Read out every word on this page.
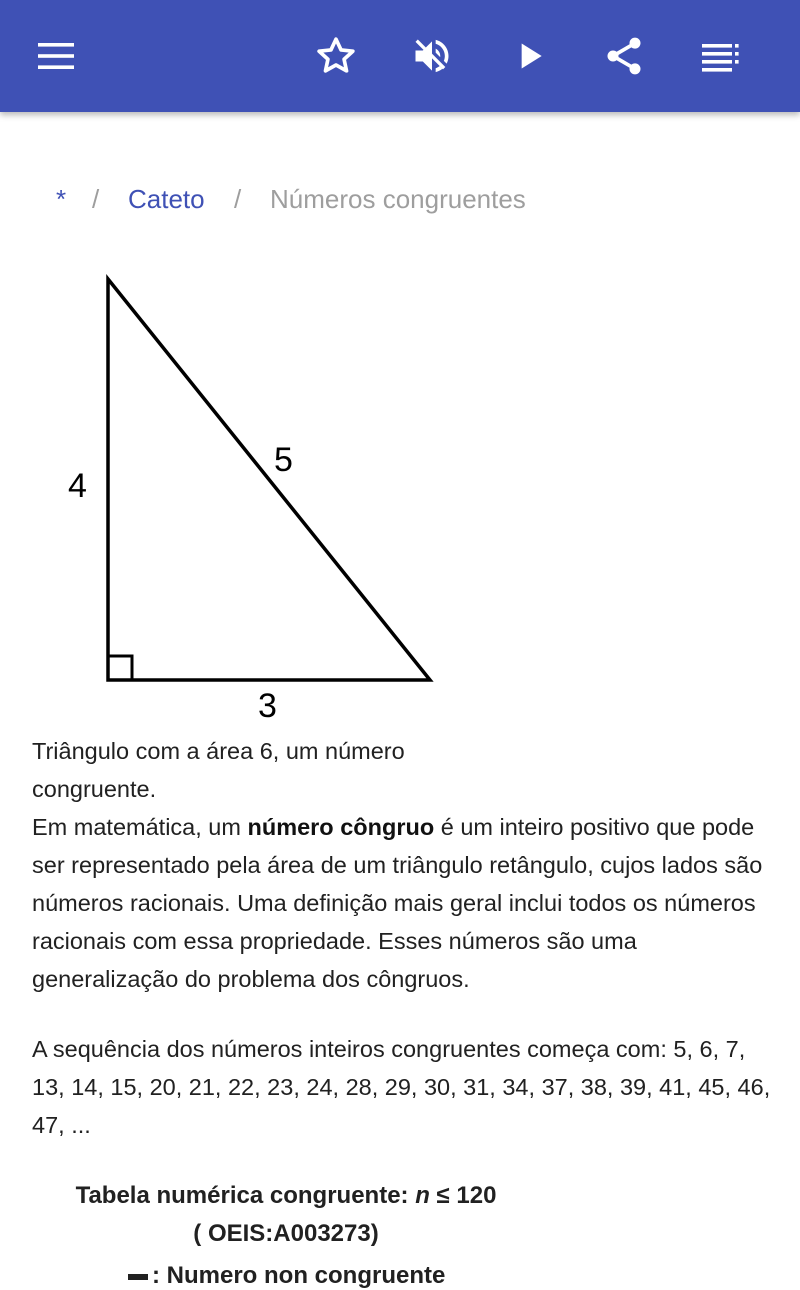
* / Cateto / Números congruentes
4
3
5
Triângulo com a área 6, um número
congruente.
Em matemática, um número côngruo é um inteiro positivo que pode ser representado pela área de um triângulo retângulo, cujos lados são números racionais. Uma definição mais geral inclui todos os números racionais com essa propriedade. Esses números são uma generalização do problema dos côngruos.
A sequência dos números inteiros congruentes começa com: 5, 6, 7, 13, 14, 15, 20, 21, 22, 23, 24, 28, 29, 30, 31, 34, 37, 38, 39, 41, 45, 46, 47, ...
Tabela numérica congruente: n ≤ 120
( OEIS:A003273)
: Numero non congruente
